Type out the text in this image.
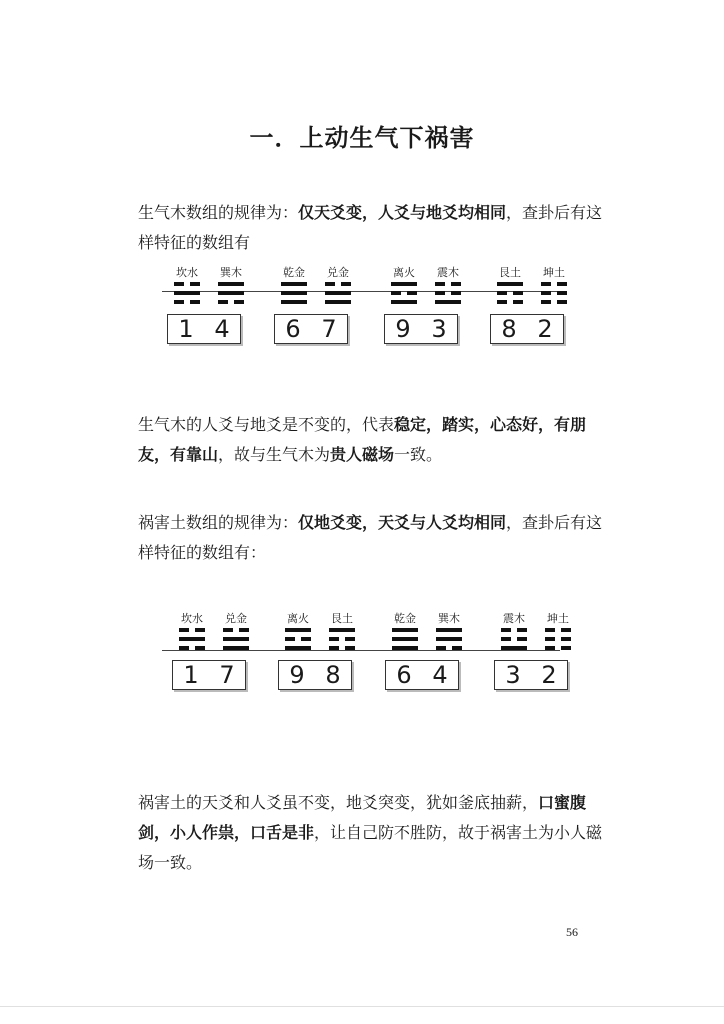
一．上动生气下祸害

生气木数组的规律为：仅天爻变，人爻与地爻均相同，查卦后有这样特征的数组有

坎水	巽木
1 4
乾金	兑金
6 7
离火	震木
9 3
艮土	坤土
8 2

生气木的人爻与地爻是不变的，代表稳定，踏实，心态好，有朋友，有靠山，故与生气木为贵人磁场一致。

祸害土数组的规律为：仅地爻变，天爻与人爻均相同，查卦后有这样特征的数组有：

坎水	兑金
1 7
离火	艮土
9 8
乾金	巽木
6 4
震木	坤土
3 2

祸害土的天爻和人爻虽不变，地爻突变，犹如釜底抽薪，口蜜腹剑，小人作祟，口舌是非，让自己防不胜防，故于祸害土为小人磁场一致。

56
